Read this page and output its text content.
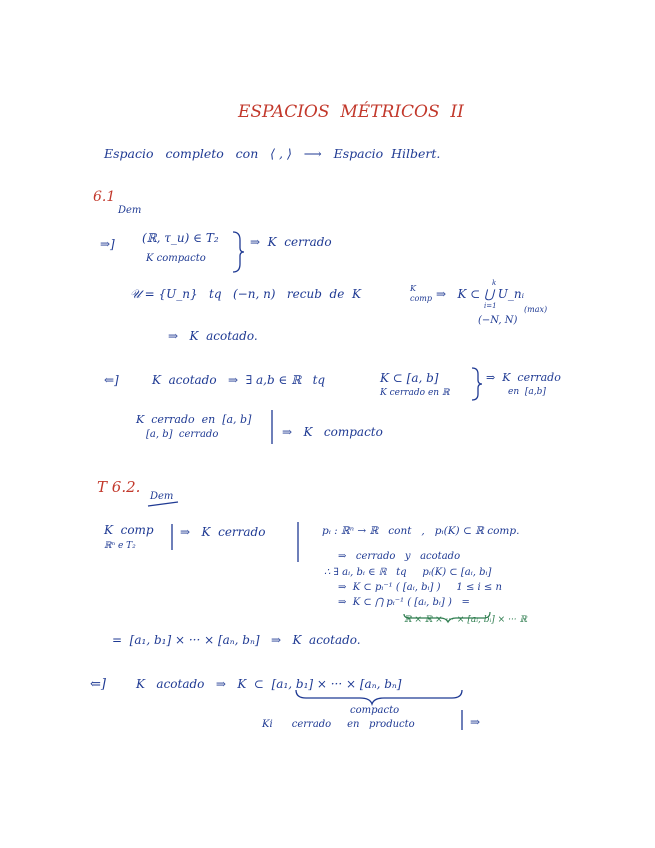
ESPACIOS  MÉTRICOS  II
Espacio   completo   con   ⟨ , ⟩   ⟶   Espacio  Hilbert.
6.1
Dem
⇒] (ℝ, τ_u) ∈ T₂
K compacto
⇒  K  cerrado
𝒰 = {U_n}   tq   (−n, n)   recub  de  K	K
comp ⇒   K ⊂ ⋃ U_nᵢ
k
i=1
(−N, N)
(max)
⇒   K  acotado.
⇐]	K  acotado   ⇒  ∃ a,b ∈ ℝ   tq	K ⊂ [a, b]
K cerrado en ℝ
⇒  K  cerrado
en  [a,b]
K  cerrado  en  [a, b]
[a, b]  cerrado	⇒   K   compacto
T 6.2.
Dem
K  comp
ℝⁿ e T₂
⇒   K  cerrado	pᵢ : ℝⁿ → ℝ   cont   ,   pᵢ(K) ⊂ ℝ comp.
⇒   cerrado   y   acotado
∴ ∃ aᵢ, bᵢ ∈ ℝ   tq     pᵢ(K) ⊂ [aᵢ, bᵢ]
⇒  K ⊂ pᵢ⁻¹ ( [aᵢ, bᵢ] )     1 ≤ i ≤ n
⇒  K ⊂ ⋂ pᵢ⁻¹ ( [aᵢ, bᵢ] )   =
ℝ × ℝ × ··· × [aᵢ, bᵢ] × ··· ℝ
=  [a₁, b₁] × ··· × [aₙ, bₙ]   ⇒   K  acotado.
⇐]	K   acotado   ⇒   K  ⊂  [a₁, b₁] × ··· × [aₙ, bₙ]
compacto
Ki      cerrado     en   producto	⇒
